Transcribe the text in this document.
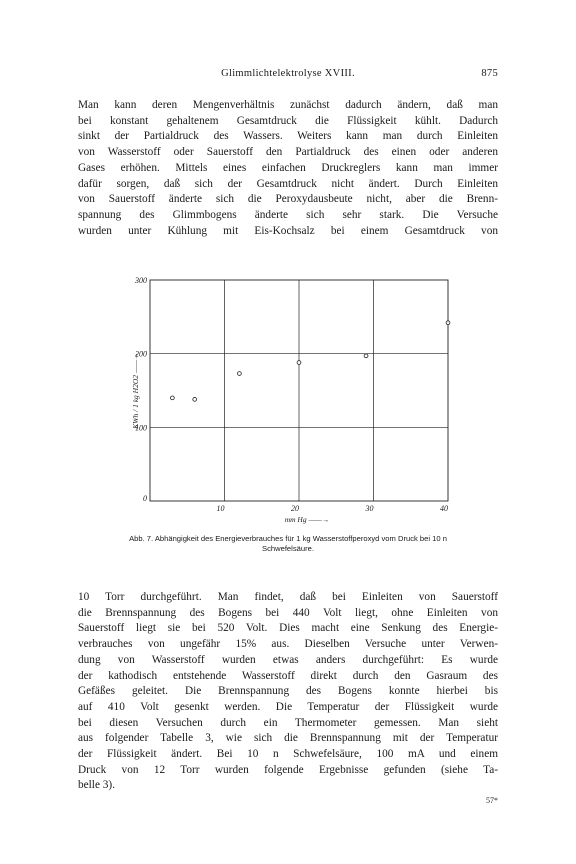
Glimmlichtelektrolyse XVIII.	875

Man kann deren Mengenverhältnis zunächst dadurch ändern, daß man
bei konstant gehaltenem Gesamtdruck die Flüssigkeit kühlt. Dadurch
sinkt der Partialdruck des Wassers. Weiters kann man durch Einleiten
von Wasserstoff oder Sauerstoff den Partialdruck des einen oder anderen
Gases erhöhen. Mittels eines einfachen Druckreglers kann man immer
dafür sorgen, daß sich der Gesamtdruck nicht ändert. Durch Einleiten
von Sauerstoff änderte sich die Peroxydausbeute nicht, aber die Brenn-
spannung des Glimmbogens änderte sich sehr stark. Die Versuche
wurden unter Kühlung mit Eis-Kochsalz bei einem Gesamtdruck von

10	20	30	40
0
100
200
300
mm Hg ——→
KWh / 1 kg H2O2 ——→
Abb. 7. Abhängigkeit des Energieverbrauches für 1 kg Wasserstoffperoxyd vom Druck bei 10 n
Schwefelsäure.

10 Torr durchgeführt. Man findet, daß bei Einleiten von Sauerstoff
die Brennspannung des Bogens bei 440 Volt liegt, ohne Einleiten von
Sauerstoff liegt sie bei 520 Volt. Dies macht eine Senkung des Energie-
verbrauches von ungefähr 15% aus. Dieselben Versuche unter Verwen-
dung von Wasserstoff wurden etwas anders durchgeführt: Es wurde
der kathodisch entstehende Wasserstoff direkt durch den Gasraum des
Gefäßes geleitet. Die Brennspannung des Bogens konnte hierbei bis
auf 410 Volt gesenkt werden. Die Temperatur der Flüssigkeit wurde
bei diesen Versuchen durch ein Thermometer gemessen. Man sieht
aus folgender Tabelle 3, wie sich die Brennspannung mit der Temperatur
der Flüssigkeit ändert. Bei 10 n Schwefelsäure, 100 mA und einem
Druck von 12 Torr wurden folgende Ergebnisse gefunden (siehe Ta-
belle 3).

57*
